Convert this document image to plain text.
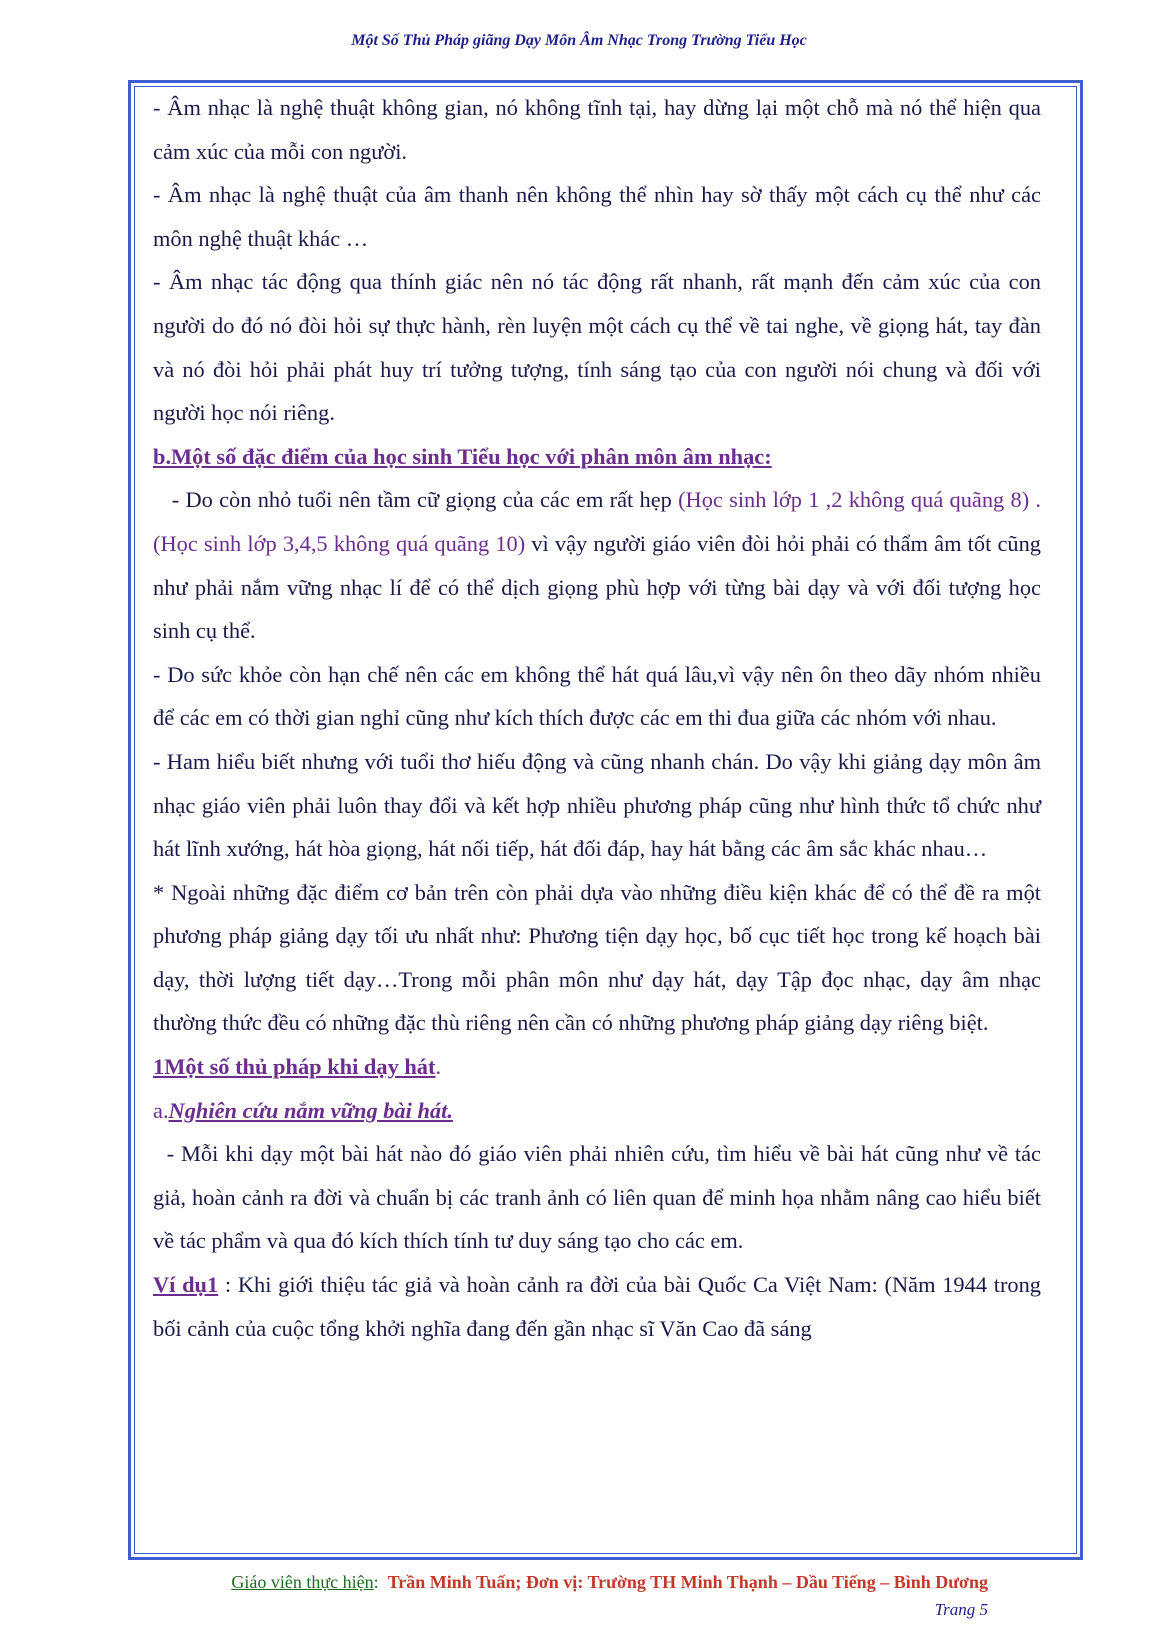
Một Số Thủ Pháp giãng Dạy Môn Âm Nhạc Trong Trường Tiểu Học

- Âm nhạc là nghệ thuật không gian, nó không tĩnh tại, hay dừng lại một chỗ mà nó thể hiện qua cảm xúc của mỗi con người.

- Âm nhạc là nghệ thuật của âm thanh nên không thể nhìn hay sờ thấy một cách cụ thể như các môn nghệ thuật khác …

- Âm nhạc tác động qua thính giác nên nó tác động rất nhanh, rất mạnh đến cảm xúc của con người do đó nó đòi hỏi sự thực hành, rèn luyện một cách cụ thể về tai nghe, về giọng hát, tay đàn và nó đòi hỏi phải phát huy trí tưởng tượng, tính sáng tạo của con người nói chung và đối với người học nói riêng.

b.Một số đặc điểm của học sinh Tiểu học với phân môn âm nhạc:

- Do còn nhỏ tuổi nên tầm cữ giọng của các em rất hẹp (Học sinh lớp 1 ,2 không quá quãng 8) .(Học sinh lớp 3,4,5 không quá quãng 10) vì vậy người giáo viên đòi hỏi phải có thẩm âm tốt cũng như phải nắm vững nhạc lí để có thể dịch giọng phù hợp với từng bài dạy và với đối tượng học sinh cụ thể.

- Do sức khỏe còn hạn chế nên các em không thể hát quá lâu,vì vậy nên ôn theo dãy nhóm nhiều để các em có thời gian nghỉ cũng như kích thích được các em thi đua giữa các nhóm với nhau.

- Ham hiểu biết nhưng với tuổi thơ hiếu động và cũng nhanh chán. Do vậy khi giảng dạy môn âm nhạc giáo viên phải luôn thay đổi và kết hợp nhiều phương pháp cũng như hình thức tổ chức như hát lĩnh xướng, hát hòa giọng, hát nối tiếp, hát đối đáp, hay hát bằng các âm sắc khác nhau…

* Ngoài những đặc điểm cơ bản trên còn phải dựa vào những điều kiện khác để có thể đề ra một phương pháp giảng dạy tối ưu nhất như: Phương tiện dạy học, bố cục tiết học trong kế hoạch bài dạy, thời lượng tiết dạy…Trong mỗi phân môn như dạy hát, dạy Tập đọc nhạc, dạy âm nhạc thường thức đều có những đặc thù riêng nên cần có những phương pháp giảng dạy riêng biệt.

1Một số thủ pháp khi dạy hát.

a.Nghiên cứu nắm vững bài hát.

- Mỗi khi dạy một bài hát nào đó giáo viên phải nhiên cứu, tìm hiểu về bài hát cũng như về tác giả, hoàn cảnh ra đời và chuẩn bị các tranh ảnh có liên quan để minh họa nhằm nâng cao hiểu biết về tác phẩm và qua đó kích thích tính tư duy sáng tạo cho các em.

Ví dụ1 : Khi giới thiệu tác giả và hoàn cảnh ra đời của bài Quốc Ca Việt Nam: (Năm 1944 trong bối cảnh của cuộc tổng khởi nghĩa đang đến gần nhạc sĩ Văn Cao đã sáng

Giáo viên thực hiện:  Trần Minh Tuấn; Đơn vị: Trường TH Minh Thạnh – Dầu Tiếng – Bình Dương
Trang 5
